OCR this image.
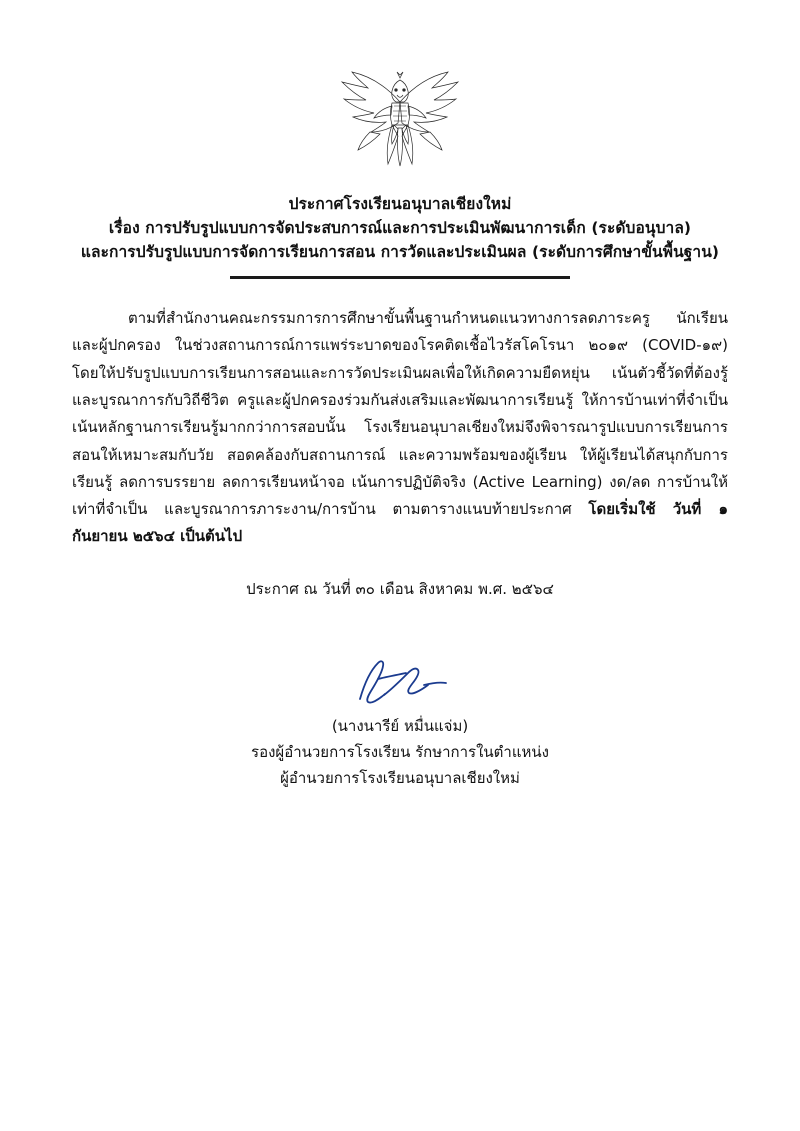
ประกาศโรงเรียนอนุบาลเชียงใหม่
เรื่อง การปรับรูปแบบการจัดประสบการณ์และการประเมินพัฒนาการเด็ก (ระดับอนุบาล)
และการปรับรูปแบบการจัดการเรียนการสอน การวัดและประเมินผล (ระดับการศึกษาขั้นพื้นฐาน)
ตามที่สำนักงานคณะกรรมการการศึกษาขั้นพื้นฐานกำหนดแนวทางการลดภาระครู นักเรียนและผู้ปกครอง ในช่วงสถานการณ์การแพร่ระบาดของโรคติดเชื้อไวรัสโคโรนา ๒๐๑๙ (COVID-๑๙) โดยให้ปรับรูปแบบการเรียนการสอนและการวัดประเมินผลเพื่อให้เกิดความยืดหยุ่น เน้นตัวชี้วัดที่ต้องรู้และบูรณาการกับวิถีชีวิต ครูและผู้ปกครองร่วมกันส่งเสริมและพัฒนาการเรียนรู้ ให้การบ้านเท่าที่จำเป็น เน้นหลักฐานการเรียนรู้มากกว่าการสอบนั้น โรงเรียนอนุบาลเชียงใหม่จึงพิจารณารูปแบบการเรียนการสอนให้เหมาะสมกับวัย สอดคล้องกับสถานการณ์ และความพร้อมของผู้เรียน ให้ผู้เรียนได้สนุกกับการเรียนรู้ ลดการบรรยาย ลดการเรียนหน้าจอ เน้นการปฏิบัติจริง (Active Learning) งด/ลด การบ้านให้เท่าที่จำเป็น และบูรณาการภาระงาน/การบ้าน ตามตารางแนบท้ายประกาศ โดยเริ่มใช้ วันที่ ๑ กันยายน ๒๕๖๔ เป็นต้นไป
ประกาศ ณ วันที่ ๓๐ เดือน สิงหาคม พ.ศ. ๒๕๖๔
(นางนารีย์ หมื่นแจ่ม)
รองผู้อำนวยการโรงเรียน รักษาการในตำแหน่ง
ผู้อำนวยการโรงเรียนอนุบาลเชียงใหม่
